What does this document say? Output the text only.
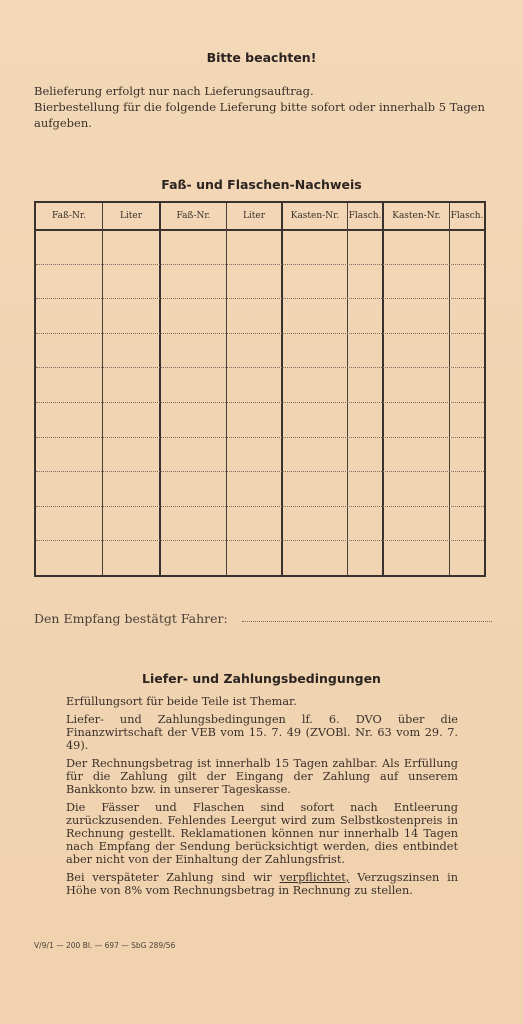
Bitte beachten!

Belieferung erfolgt nur nach Lieferungsauftrag.

Bierbestellung für die folgende Lieferung bitte sofort oder innerhalb 5 Tagen aufgeben.

Faß- und Flaschen-Nachweis
Faß-Nr.	Liter	Faß-Nr.	Liter	Kasten-Nr.	Flasch.	Kasten-Nr.	Flasch.
Den Empfang bestätgt Fahrer:
Liefer- und Zahlungsbedingungen

Erfüllungsort für beide Teile ist Themar.

Liefer- und Zahlungsbedingungen lf. 6. DVO über die Finanzwirtschaft der VEB vom 15. 7. 49 (ZVOBl. Nr. 63 vom 29. 7. 49).

Der Rechnungsbetrag ist innerhalb 15 Tagen zahlbar. Als Erfüllung für die Zahlung gilt der Eingang der Zahlung auf unserem Bankkonto bzw. in unserer Tageskasse.

Die Fässer und Flaschen sind sofort nach Entleerung zurückzusenden. Fehlendes Leergut wird zum Selbstkostenpreis in Rechnung gestellt. Reklamationen können nur innerhalb 14 Tagen nach Empfang der Sendung berücksichtigt werden, dies entbindet aber nicht von der Einhaltung der Zahlungsfrist.

Bei verspäteter Zahlung sind wir verpflichtet, Verzugszinsen in Höhe von 8% vom Rechnungsbetrag in Rechnung zu stellen.

V/9/1 — 200 Bl. — 697 — SbG 289/56
